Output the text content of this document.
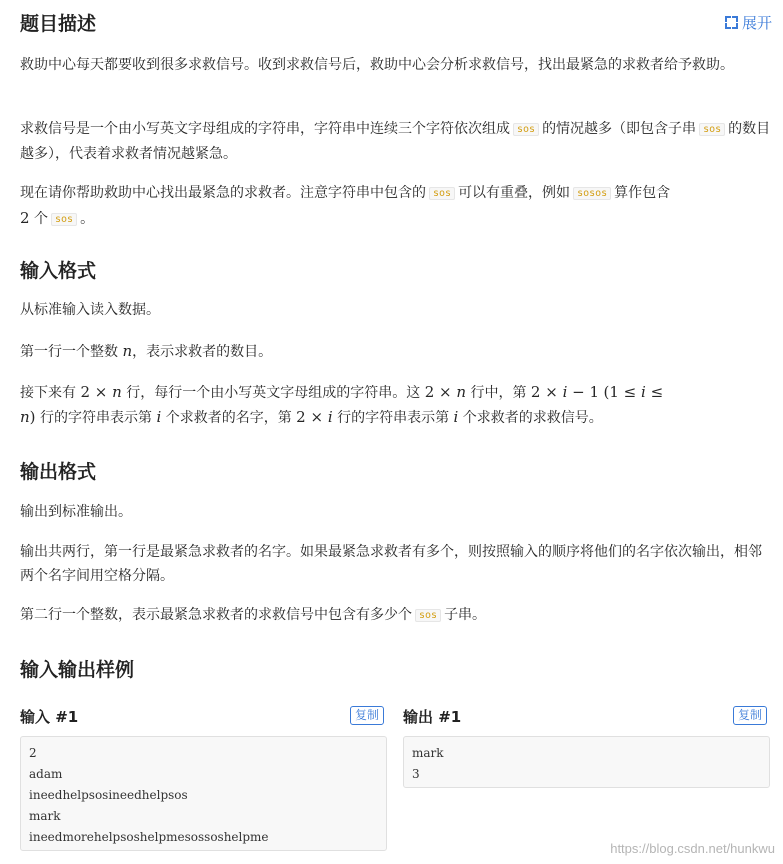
题目描述	展开

救助中心每天都要收到很多求救信号。收到求救信号后，救助中心会分析求救信号，找出最紧急的求救者给予救助。

求救信号是一个由小写英文字母组成的字符串，字符串中连续三个字符依次组成 sos 的情况越多（即包含子串 sos 的数目越多），代表着求救者情况越紧急。

现在请你帮助救助中心找出最紧急的求救者。注意字符串中包含的 sos 可以有重叠，例如 sosos 算作包含
2 个 sos 。

输入格式

从标准输入读入数据。

第一行一个整数 n，表示求救者的数目。

接下来有 2 × n 行，每行一个由小写英文字母组成的字符串。这 2 × n 行中，第 2 × i − 1 (1 ≤ i ≤
n) 行的字符串表示第 i 个求救者的名字，第 2 × i 行的字符串表示第 i 个求救者的求救信号。

输出格式

输出到标准输出。

输出共两行，第一行是最紧急求救者的名字。如果最紧急求救者有多个，则按照输入的顺序将他们的名字依次输出，相邻两个名字间用空格分隔。

第二行一个整数，表示最紧急求救者的求救信号中包含有多少个 sos 子串。

输入输出样例
输入 #1	复制
2
adam
ineedhelpsosineedhelpsos
mark
ineedmorehelpsoshelpmesossoshelpme
输出 #1	复制
mark
3
https://blog.csdn.net/hunkwu
